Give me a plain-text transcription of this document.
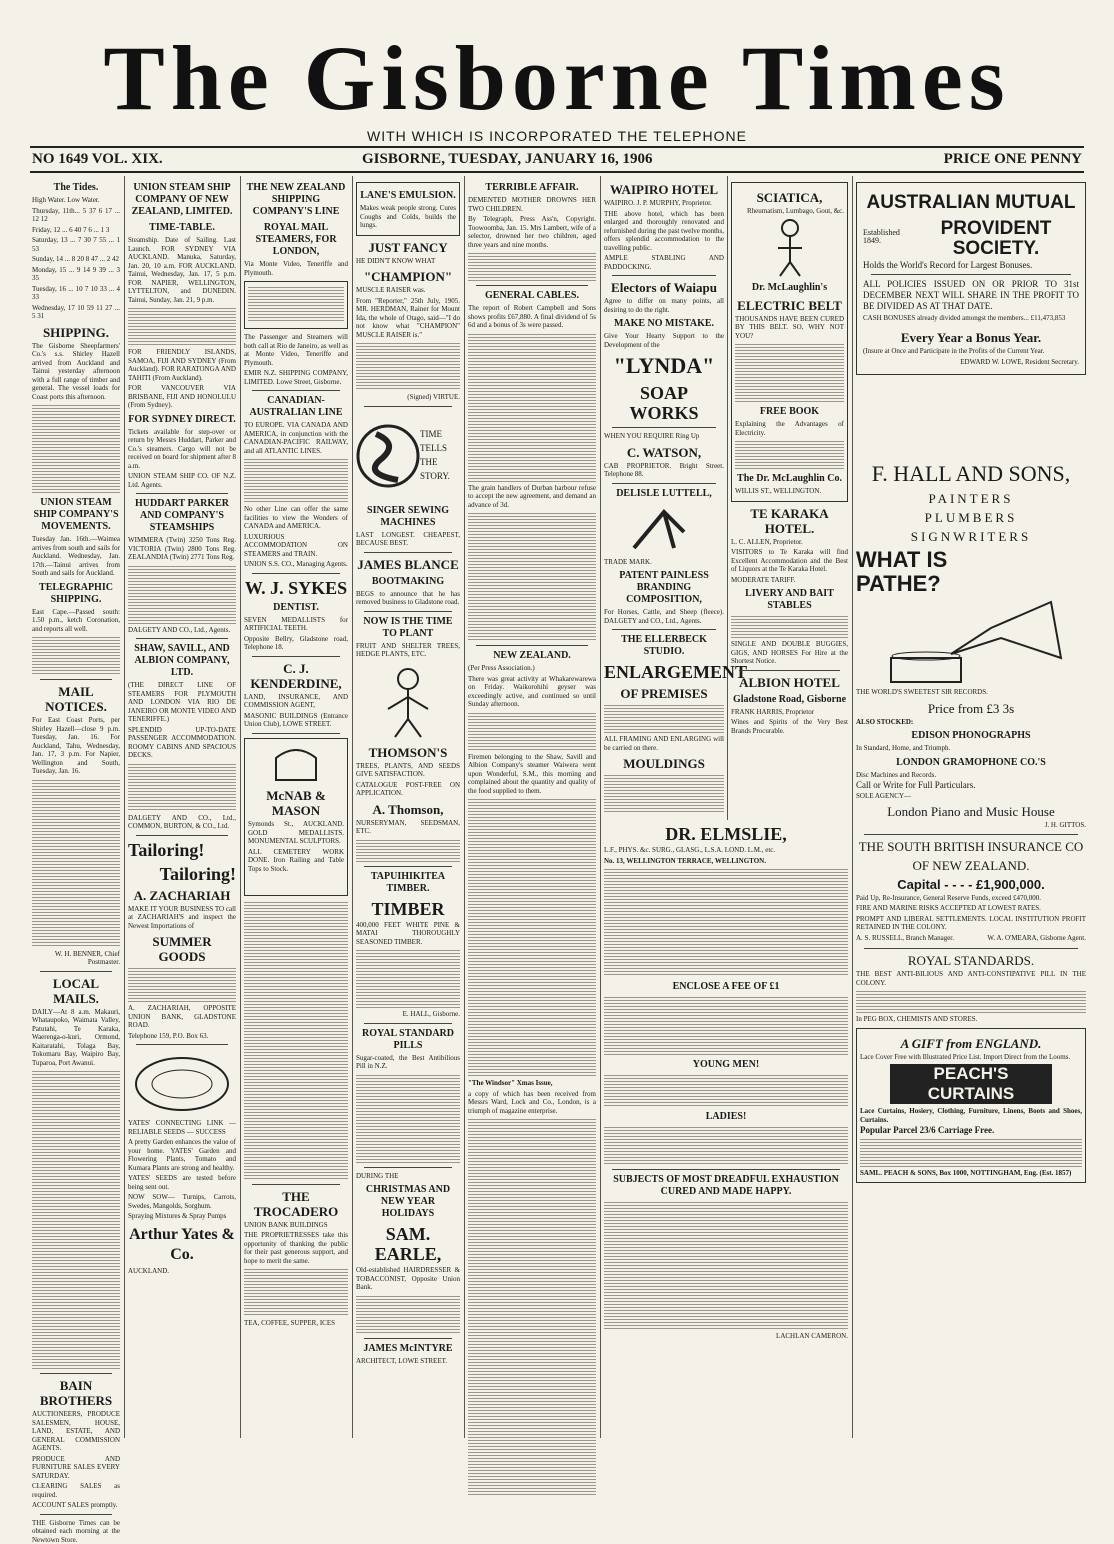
The Gisborne Times
WITH WHICH IS INCORPORATED THE TELEPHONE
NO 1649 VOL. XIX.	GISBORNE, TUESDAY, JANUARY 16, 1906	PRICE ONE PENNY
The Tides.
High Water. Low Water.
Thursday, 11th... 5 37 6 17 ... 12 12
Friday, 12 ... 6 40 7 6 ... 1 3
Saturday, 13 ... 7 30 7 55 ... 1 53
Sunday, 14 ... 8 20 8 47 ... 2 42
Monday, 15 ... 9 14 9 39 ... 3 35
Tuesday, 16 ... 10 7 10 33 ... 4 33
Wednesday, 17 10 59 11 27 ... 5 31
SHIPPING.
The Gisborne Sheepfarmers' Co.'s s.s. Shirley Hazell arrived from Auckland and Tainui yesterday afternoon with a full range of timber and general. The vessel loads for Coast ports this afternoon.
UNION STEAM SHIP COMPANY'S MOVEMENTS.
Tuesday Jan. 16th.—Waimea arrives from south and sails for Auckland. Wednesday, Jan. 17th.—Tainui arrives from South and sails for Auckland.
TELEGRAPHIC SHIPPING.
East Cape.—Passed south: 1.50 p.m., ketch Coronation, and reports all well.
MAIL NOTICES.
For East Coast Ports, per Shirley Hazell—close 9 p.m. Tuesday, Jan. 16. For Auckland, Tahu, Wednesday, Jan. 17, 3 p.m. For Napier, Wellington and South, Tuesday, Jan. 16.
W. H. BENNER, Chief Postmaster.
LOCAL MAILS.
DAILY—At 8 a.m. Makauri, Whataupoko, Waimata Valley, Patutahi, Te Karaka, Waerenga-o-kuri, Ormond, Kaitaratahi, Tolaga Bay, Tokomaru Bay, Waipiro Bay, Tuparoa, Port Awanui.
BAIN BROTHERS
AUCTIONEERS, PRODUCE SALESMEN, HOUSE, LAND, ESTATE, AND GENERAL COMMISSION AGENTS.
PRODUCE AND FURNITURE SALES EVERY SATURDAY.
CLEARING SALES as required.
ACCOUNT SALES promptly.
THE Gisborne Times can be obtained each morning at the Newtown Store.
UNION STEAM SHIP COMPANY OF NEW ZEALAND, LIMITED.
TIME-TABLE.
Steamship. Date of Sailing. Last Launch. FOR SYDNEY VIA AUCKLAND. Manuka, Saturday, Jan. 20, 10 a.m. FOR AUCKLAND. Tainui, Wednesday, Jan. 17, 5 p.m. FOR NAPIER, WELLINGTON, LYTTELTON, and DUNEDIN. Tainui, Sunday, Jan. 21, 9 p.m.
FOR FRIENDLY ISLANDS, SAMOA, FIJI AND SYDNEY (From Auckland). FOR RARATONGA AND TAHITI (From Auckland).
FOR VANCOUVER VIA BRISBANE, FIJI AND HONOLULU (From Sydney).
FOR SYDNEY DIRECT.
Tickets available for step-over or return by Messrs Huddart, Parker and Co.'s steamers. Cargo will not be received on board for shipment after 8 a.m.
UNION STEAM SHIP CO. OF N.Z. Ltd. Agents.
HUDDART PARKER AND COMPANY'S STEAMSHIPS
WIMMERA (Twin) 3250 Tons Reg. VICTORIA (Twin) 2800 Tons Reg. ZEALANDIA (Twin) 2771 Tons Reg.
DALGETY AND CO., Ltd., Agents.
SHAW, SAVILL, AND ALBION COMPANY, LTD.
(THE DIRECT LINE OF STEAMERS FOR PLYMOUTH AND LONDON VIA RIO DE JANEIRO OR MONTE VIDEO AND TENERIFFE.)
SPLENDID UP-TO-DATE PASSENGER ACCOMMODATION. ROOMY CABINS AND SPACIOUS DECKS.
DALGETY AND CO., Ltd., COMMON, BURTON, & CO., Ltd.
Tailoring!
Tailoring!
A. ZACHARIAH
MAKE IT YOUR BUSINESS TO call at ZACHARIAH'S and inspect the Newest Importations of
SUMMER GOODS
A. ZACHARIAH, OPPOSITE UNION BANK, GLADSTONE ROAD.
Telephone 159, P.O. Box 63.
YATES' CONNECTING LINK — RELIABLE SEEDS — SUCCESS
A pretty Garden enhances the value of your home. YATES' Garden and Flowering Plants, Tomato and Kumara Plants are strong and healthy.
YATES' SEEDS are tested before being sent out.
NOW SOW— Turnips, Carrots, Swedes, Mangolds, Sorghum.
Spraying Mixtures & Spray Pumps
Arthur Yates & Co.
AUCKLAND.
THE NEW ZEALAND SHIPPING COMPANY'S LINE
ROYAL MAIL STEAMERS, FOR LONDON,
Via Monte Video, Teneriffe and Plymouth.
The Passenger and Steamers will both call at Rio de Janeiro, as well as at Monte Video, Teneriffe and Plymouth.
EMIR N.Z. SHIPPING COMPANY, LIMITED. Lowe Street, Gisborne.
CANADIAN-AUSTRALIAN LINE
TO EUROPE. VIA CANADA AND AMERICA, in conjunction with the CANADIAN-PACIFIC RAILWAY, and all ATLANTIC LINES.
No other Line can offer the same facilities to view the Wonders of CANADA and AMERICA.
LUXURIOUS ACCOMMODATION ON STEAMERS and TRAIN.
UNION S.S. CO., Managing Agents.
W. J. SYKES
DENTIST.
SEVEN MEDALLISTS for ARTIFICIAL TEETH.
Opposite Bellry, Gladstone road, Telephone 18.
C. J. KENDERDINE,
LAND, INSURANCE, AND COMMISSION AGENT,
MASONIC BUILDINGS (Entrance Union Club), LOWE STREET.
McNAB & MASON
Symonds St., AUCKLAND. GOLD MEDALLISTS. MONUMENTAL SCULPTORS.
ALL CEMETERY WORK DONE. Iron Railing and Table Tops to Stock.
THE TROCADERO
UNION BANK BUILDINGS
THE PROPRIETRESSES take this opportunity of thanking the public for their past generous support, and hope to merit the same.
TEA, COFFEE, SUPPER, ICES
LANE'S EMULSION.
Makes weak people strong. Cures Coughs and Colds, builds the lungs.
JUST FANCY
HE DIDN'T KNOW WHAT
"CHAMPION"
MUSCLE RAISER was.
From "Reporter," 25th July, 1905. MR. HERDMAN, Rainer for Mount Ida, the whole of Otago, said—"I do not know what "CHAMPION" MUSCLE RAISER is."
(Signed) VIRTUE.
TIME TELLS THE STORY.
SINGER SEWING MACHINES
LAST LONGEST. CHEAPEST, BECAUSE BEST.
JAMES BLANCE
BOOTMAKING
BEGS to announce that he has removed business to Gladstone road.
NOW IS THE TIME TO PLANT
FRUIT AND SHELTER TREES, HEDGE PLANTS, ETC.
THOMSON'S
TREES, PLANTS, AND SEEDS GIVE SATISFACTION.
CATALOGUE POST-FREE ON APPLICATION.
A. Thomson,
NURSERYMAN, SEEDSMAN, ETC.
TAPUIHIKITEA TIMBER.
TIMBER
400,000 FEET WHITE PINE & MATAI THOROUGHLY SEASONED TIMBER.
E. HALL, Gisborne.
ROYAL STANDARD PILLS
Sugar-coated, the Best Antibilious Pill in N.Z.
DURING THE
CHRISTMAS AND NEW YEAR HOLIDAYS
SAM. EARLE,
Old-established HAIRDRESSER & TOBACCONIST, Opposite Union Bank.
JAMES McINTYRE
ARCHITECT, LOWE STREET.
TERRIBLE AFFAIR.
DEMENTED MOTHER DROWNS HER TWO CHILDREN.
By Telegraph, Press Ass'n, Copyright. Toowoomba, Jan. 15. Mrs Lambert, wife of a selector, drowned her two children, aged three years and nine months.
GENERAL CABLES.
The report of Robert Campbell and Sons shows profits £67,880. A final dividend of 5s 6d and a bonus of 3s were passed.
The grain handlers of Durban harbour refuse to accept the new agreement, and demand an advance of 3d.
NEW ZEALAND.
(Per Press Association.)
There was great activity at Whakarewarewa on Friday. Waikorohihi geyser was exceedingly active, and continued so until Sunday afternoon.
Firemen belonging to the Shaw, Savill and Albion Company's steamer Waiwera went upon Wonderful, S.M., this morning and complained about the quantity and quality of the food supplied to them.
"The Windsor" Xmas Issue,
a copy of which has been received from Messrs Ward, Lock and Co., London, is a triumph of magazine enterprise.
WAIPIRO HOTEL
WAIPIRO. J. P. MURPHY, Proprietor.
THE above hotel, which has been enlarged and thoroughly renovated and refurnished during the past twelve months, offers splendid accommodation to the travelling public.
AMPLE STABLING AND PADDOCKING.
Electors of Waiapu
Agree to differ on many points, all desiring to do the right.
MAKE NO MISTAKE.
Give Your Hearty Support to the Development of the
"LYNDA"
SOAP WORKS
WHEN YOU REQUIRE Ring Up
C. WATSON,
CAB PROPRIETOR. Bright Street. Telephone 88.
DELISLE LUTTELL,
TRADE MARK.
PATENT PAINLESS BRANDING COMPOSITION,
For Horses, Cattle, and Sheep (fleece). DALGETY and CO., Ltd., Agents.
THE ELLERBECK STUDIO.
ENLARGEMENT
OF PREMISES
ALL FRAMING AND ENLARGING will be carried on there.
MOULDINGS
DR. ELMSLIE,
L.F., PHYS. &c. SURG., GLASG., L.S.A. LOND. L.M., etc.
No. 13, WELLINGTON TERRACE, WELLINGTON.
ENCLOSE A FEE OF £1
YOUNG MEN!
LADIES!
SUBJECTS OF MOST DREADFUL EXHAUSTION CURED AND MADE HAPPY.
LACHLAN CAMERON.
SCIATICA,
Rheumatism, Lumbago, Gout, &c.
Dr. McLaughlin's
ELECTRIC BELT
THOUSANDS HAVE BEEN CURED BY THIS BELT. SO, WHY NOT YOU?
FREE BOOK
Explaining the Advantages of Electricity.
The Dr. McLaughlin Co.
WILLIS ST., WELLINGTON.
TE KARAKA HOTEL.
L. C. ALLEN, Proprietor.
VISITORS to Te Karaka will find Excellent Accommodation and the Best of Liquors at the Te Karaka Hotel.
MODERATE TARIFF.
LIVERY AND BAIT STABLES
SINGLE AND DOUBLE BUGGIES, GIGS, AND HORSES For Hire at the Shortest Notice.
ALBION HOTEL
Gladstone Road, Gisborne
FRANK HARRIS, Proprietor
Wines and Spirits of the Very Best Brands Procurable.
AUSTRALIAN MUTUAL
Established 1849.
PROVIDENT SOCIETY.
Holds the World's Record for Largest Bonuses.
ALL POLICIES ISSUED ON OR PRIOR TO 31st DECEMBER NEXT WILL SHARE IN THE PROFIT TO BE DIVIDED AS AT THAT DATE.
CASH BONUSES already divided amongst the members... £11,473,853
Every Year a Bonus Year.
(Insure at Once and Participate in the Profits of the Current Year.
EDWARD W. LOWE, Resident Secretary.
F. HALL AND SONS,
PAINTERS
PLUMBERS
SIGNWRITERS
WHAT IS PATHE?
THE WORLD'S SWEETEST SIR RECORDS.
Price from £3 3s
ALSO STOCKED:
EDISON PHONOGRAPHS
In Standard, Home, and Triumph.
LONDON GRAMOPHONE CO.'S
Disc Machines and Records.
Call or Write for Full Particulars.
SOLE AGENCY—
London Piano and Music House
J. H. GITTOS.
THE SOUTH BRITISH INSURANCE CO
OF NEW ZEALAND.
Capital - - - - £1,900,000.
Paid Up, Re-Insurance, General Reserve Funds, exceed £470,000.
FIRE AND MARINE RISKS ACCEPTED AT LOWEST RATES.
PROMPT AND LIBERAL SETTLEMENTS. LOCAL INSTITUTION PROFIT RETAINED IN THE COLONY.
A. S. RUSSELL, Branch Manager.	W. A. O'MEARA, Gisborne Agent.
ROYAL STANDARDS.
THE BEST ANTI-BILIOUS AND ANTI-CONSTIPATIVE PILL IN THE COLONY.
In PEG BOX, CHEMISTS AND STORES.
A GIFT from ENGLAND.
Lace Cover Free with Illustrated Price List. Import Direct from the Looms.
PEACH'S CURTAINS
Lace Curtains, Hosiery, Clothing, Furniture, Linens, Boots and Shoes, Curtains.
Popular Parcel 23/6 Carriage Free.
SAML. PEACH & SONS, Box 1000, NOTTINGHAM, Eng. (Est. 1857)
